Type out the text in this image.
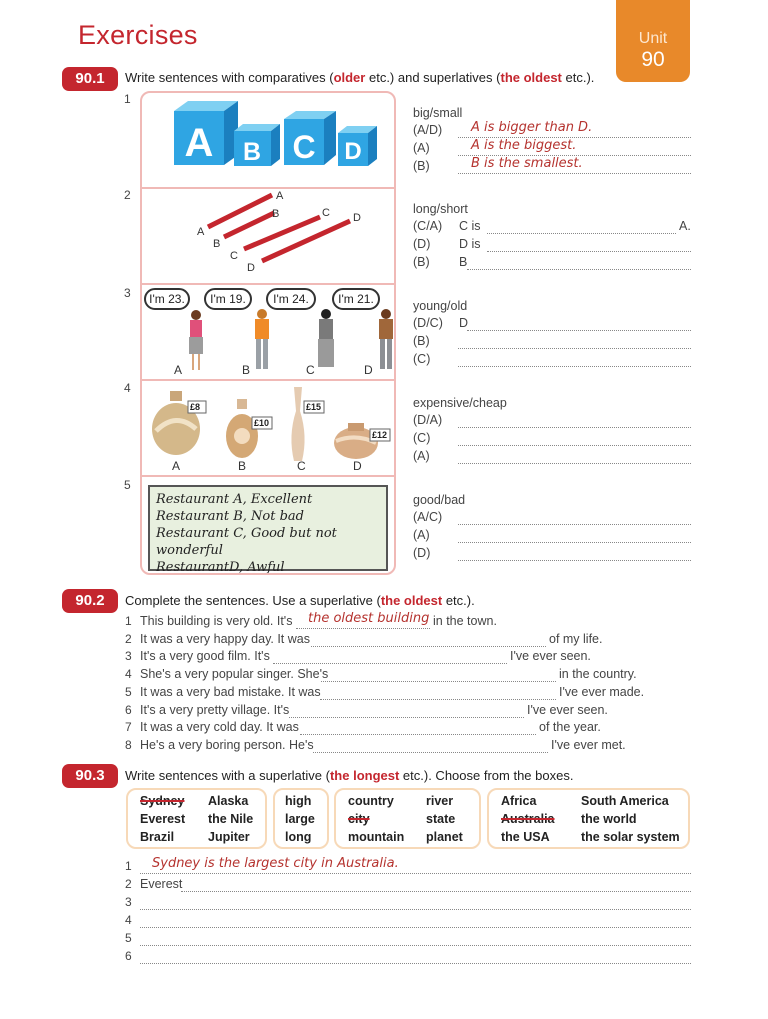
Exercises	Unit
90
90.1	Write sentences with comparatives (older etc.) and superlatives (the oldest etc.).
1
2
3
4
5
A B C D
A
B
C
D
A
B	C D
I'm 23.	I'm 19.	I'm 24.	I'm 21.
A	B	C	D
£8
£10
£15
£12
A	B	C	D
Restaurant A, Excellent
Restaurant B, Not bad
Restaurant C, Good but not wonderful
RestaurantD, Awful
big/small
(A/D) A is bigger than D.
(A)	A is the biggest.
(B)	B is the smallest.
long/short
(C/A) C is	A.
(D) D is
(B) B
young/old
(D/C) D
(B)
(C)
expensive/cheap
(D/A)
(C)
(A)
good/bad
(A/C)
(A)
(D)
90.2	Complete the sentences. Use a superlative (the oldest etc.).
1 This building is very old. It's	in the town.
the oldest building
2 It was a very happy day. It was	of my life.
3 It's a very good film. It's	I've ever seen.
4 She's a very popular singer. She's	in the country.
5 It was a very bad mistake. It was	I've ever made.
6 It's a very pretty village. It's	I've ever seen.
7 It was a very cold day. It was	of the year.
8 He's a very boring person. He's	I've ever met.
90.3	Write sentences with a superlative (the longest etc.). Choose from the boxes.
Sydney Alaska
Everest the Nile
Brazil	Jupiter
high
large
long
country	river
city	state
mountain planet
Africa	South America
Australia the world
the USA	the solar system
1 Sydney is the largest city in Australia.
2 Everest
3
4
5
6
